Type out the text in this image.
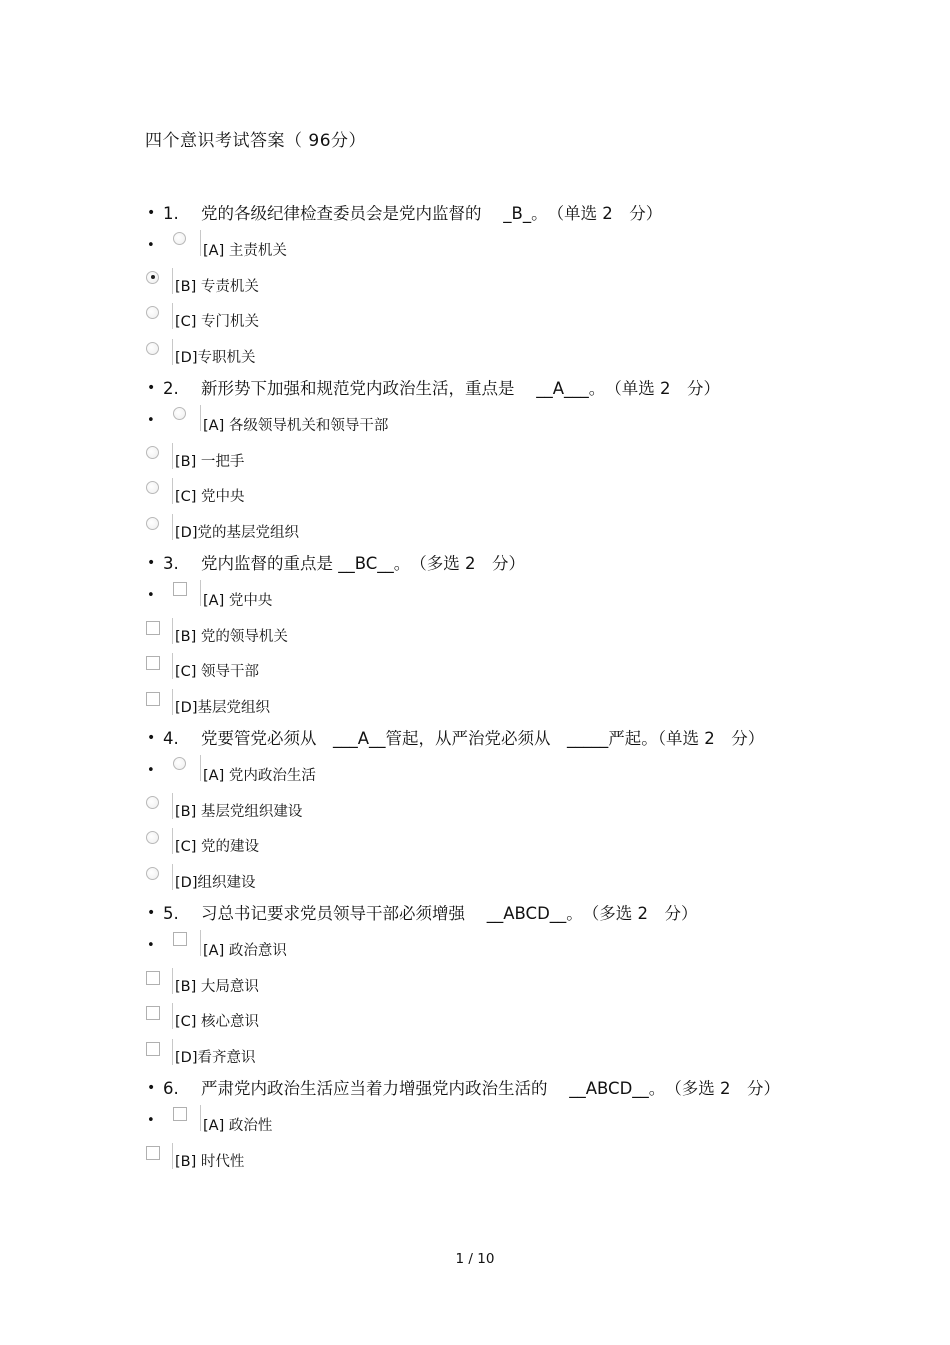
四个意识考试答案（ 96分）
• 1. 党的各级纪律检查委员会是党内监督的　 _B_。　（单选 2　分）
•	[A] 主责机关
[B] 专责机关
[C] 专门机关
[D]专职机关
• 2. 新形势下加强和规范党内政治生活，重点是　 __A___。　（单选 2　分）
•	[A] 各级领导机关和领导干部
[B] 一把手
[C] 党中央
[D]党的基层党组织
• 3. 党内监督的重点是 __BC__。　（多选 2　分）
•	[A] 党中央
[B] 党的领导机关
[C] 领导干部
[D]基层党组织
• 4. 党要管党必须从　___A__管起，从严治党必须从　_____严起。（单选 2　分）
•	[A] 党内政治生活
[B] 基层党组织建设
[C] 党的建设
[D]组织建设
• 5. 习总书记要求党员领导干部必须增强　 __ABCD__。　（多选 2　分）
•	[A] 政治意识
[B] 大局意识
[C] 核心意识
[D]看齐意识
• 6. 严肃党内政治生活应当着力增强党内政治生活的　 __ABCD__。　（多选 2　分）
•	[A] 政治性
[B] 时代性
1 / 10
